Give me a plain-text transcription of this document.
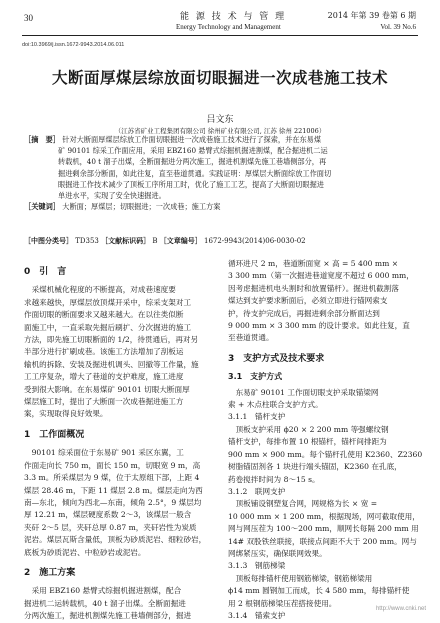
30	能 源 技 术 与 管 理
Energy Technology and Management
2014 年第 39 卷第 6 期
Vol. 39 No.6
doi:10.3969/j.issn.1672-9943.2014.06.011
大断面厚煤层综放面切眼掘进一次成巷施工技术
吕文东
（江苏省矿业工程集团有限公司 徐州矿业有限公司, 江苏 徐州 221006）
［摘　要］ 针对大断面厚煤层综放工作面切眼掘进一次成巷施工技术进行了探索，并在东易煤
矿 90101 综采工作面应用，采用 EBZ160 悬臂式综掘机掘进割煤，配合掘进机二运
转载机，40 t 溜子出煤，全断面掘进分两次施工，掘进机割煤先施工巷墙侧部分，再
掘进剩余部分断面，如此往复，直至巷道贯通。实践证明：厚煤层大断面综放工作面切
眼掘进工作技术减少了顶板工序所用工时，优化了施工工艺，提高了大断面切眼掘进
单进水平，实现了安全快速掘进。
［关键词］ 大断面；厚煤层；切眼掘进；一次成巷；施工方案
［中图分类号］ TD353 ［文献标识码］ B ［文章编号］ 1672-9943(2014)06-0030-02
0　引　言

采煤机械化程度的不断提高，对成巷速度要

求越来越快，厚煤层放顶煤开采中，综采支架对工

作面切眼的断面要求又越来越大。在以往类似断

面施工中，一直采取先掘后刷扩、分次掘进的施工

方法，即先施工切眼断面的 1/2，待贯通后，再对另

半部分进行扩刷成巷。该施工方法增加了刮板运

输机的拆除、安装及掘进机调头、回撤等工作量，施

工工序复杂，增大了巷道的支护难度，施工进度

受到很大影响。在东易煤矿 90101 切眼大断面厚

煤层施工时，提出了大断面一次成巷掘进施工方

案，实现取得良好效果。

1　工作面概况

90101 综采面位于东易矿 901 采区东翼，工

作面走向长 750 m，面长 150 m，切眼宽 9 m，高

3.3 m。所采煤层为 9 煤，位于太原组下部，上距 4

煤层 28.46 m，下距 11 煤层 2.8 m。煤层走向为西

南—东北，倾向为西北—东南，倾角 2.5°，9 煤层均

厚 12.21 m，煤层硬度系数 2～3，该煤层一般含

夹矸 2～5 层，夹矸总厚 0.87 m，夹矸岩性为炭质

泥岩。煤层瓦斯含量低，顶板为砂质泥岩、细粒砂岩，

底板为砂质泥岩、中粒砂岩或泥岩。

2　施工方案

采用 EBZ160 悬臂式综掘机掘进割煤，配合

掘进机二运转载机，40 t 溜子出煤。全断面掘进

分两次施工，掘进机割煤先施工巷墙侧部分，掘进

循环进尺 2 m，巷道断面宽 × 高 = 5 400 mm ×

3 300 mm（第一次掘进巷道宽度不超过 6 000 mm，

因考虑掘进机电头割时和放置锚杆）。掘进机截割落

煤达到支护要求断面后，必须立即进行锚网索支

护，待支护完成后，再掘进剩余部分断面达到

9 000 mm × 3 300 mm 的设计要求。如此往复，直

至巷道贯通。

3　支护方式及技术要求
3.1　支护方式

东易矿 90101 工作面切眼支护采取锚梁网

索 + 木点柱联合支护方式。

3.1.1　锚杆支护

顶板支护采用 ϕ20 × 2 200 mm 等强螺纹钢

锚杆支护，每排布置 10 根锚杆，锚杆间排距为

900 mm × 900 mm。每个锚杆孔使用 K2360、Z2360

树脂锚固剂各 1 块进行端头锚固，K2360 在孔底，

药卷搅拌时间为 8～15 s。

3.1.2　联网支护

顶板铺设钢塑复合网，网规格为长 × 宽 =

10 000 mm × 1 200 mm，根据现场，网可截取使用，

网与网压茬为 100～200 mm，顺网长每隔 200 mm 用

14# 双股铁丝联接，联接点间距不大于 200 mm。网与

网绑紧压实，确保联网效果。

3.1.3　钢筋梯梁

顶板每排锚杆使用钢筋梯梁，钢筋梯梁用

ϕ14 mm 圆钢加工而成，长 4 580 mm，每排锚杆使

用 2 根钢筋梯梁压茬搭接使用。

3.1.4　锚索支护
http://www.cnki.net
